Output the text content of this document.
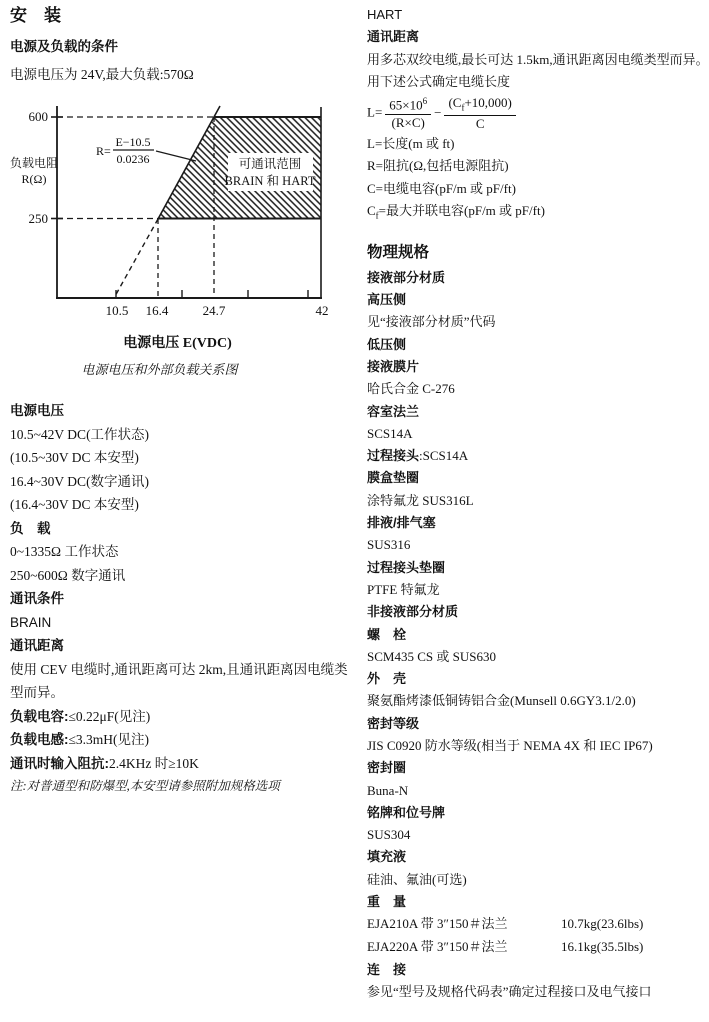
安　装
电源及负载的条件

电源电压为 24V,最大负载:570Ω

600
250
负载电阻
R(Ω)
R=
E−10.5
0.0236	可通讯范围
BRAIN 和 HART
10.5 16.4	24.7	42
电源电压 E(VDC)
电源电压和外部负载关系图

电源电压

10.5~42V DC(工作状态)

(10.5~30V DC 本安型)

16.4~30V DC(数字通讯)

(16.4~30V DC 本安型)

负　载

0~1335Ω 工作状态

250~600Ω 数字通讯

通讯条件

BRAIN

通讯距离

使用 CEV 电缆时,通讯距离可达 2km,且通讯距离因电缆类型而异。

负载电容:≤0.22μF(见注)

负载电感:≤3.3mH(见注)

通讯时输入阻抗:2.4KHz 时≥10K

注:对普通型和防爆型,本安型请参照附加规格选项

HART

通讯距离

用多芯双绞电缆,最长可达 1.5km,通讯距离因电缆类型而异。

用下述公式确定电缆长度

$L= \frac{65\times 10^6}{(R\times C)} - \frac{(C_f+10,000)}{C}$

L=长度(m 或 ft)

R=阻抗(Ω,包括电源阻抗)

C=电缆电容(pF/m 或 pF/ft)

$C_f=$最大并联电容(pF/m 或 pF/ft)

物理规格

接液部分材质

高压侧

见“接液部分材质”代码

低压侧

接液膜片

哈氏合金 C-276

容室法兰

SCS14A

过程接头:SCS14A

膜盒垫圈

涂特氟龙 SUS316L

排液/排气塞

SUS316

过程接头垫圈

PTFE 特氟龙

非接液部分材质

螺　栓

SCM435 CS 或 SUS630

外　壳

聚氨酯烤漆低铜铸铝合金(Munsell 0.6GY3.1/2.0)

密封等级

JIS C0920 防水等级(相当于 NEMA 4X 和 IEC IP67)

密封圈

Buna-N

铭牌和位号牌

SUS304

填充液

硅油、氟油(可选)

重　量

EJA210A 带 3″150＃法兰	10.7kg(23.6lbs)

EJA220A 带 3″150＃法兰	16.1kg(35.5lbs)

连　接

参见“型号及规格代码表”确定过程接口及电气接口
